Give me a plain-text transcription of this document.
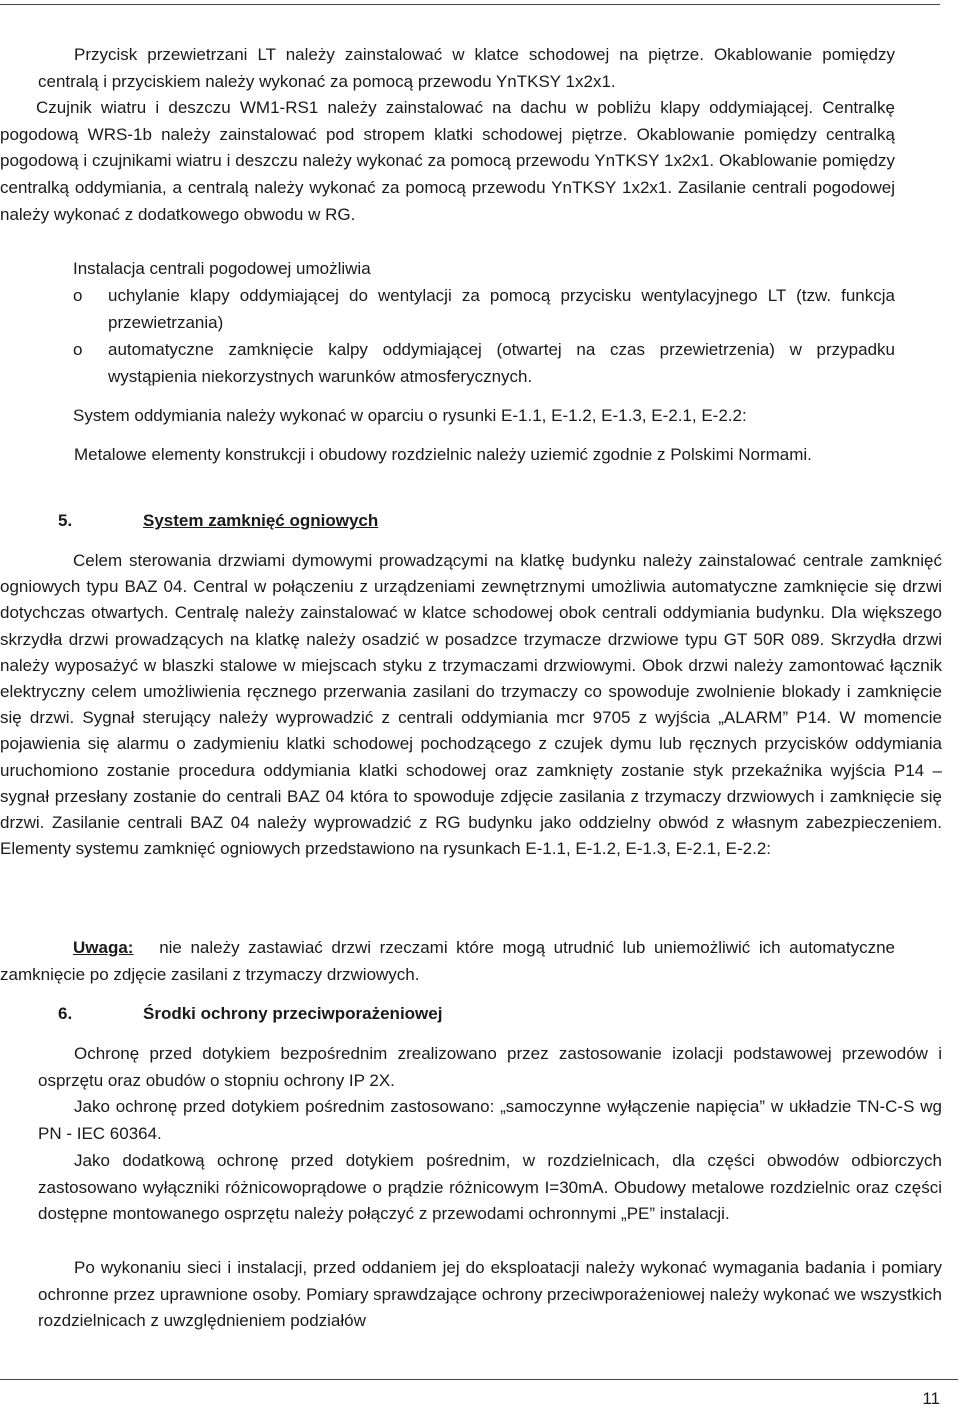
Przycisk przewietrzani LT należy zainstalować w klatce schodowej na piętrze. Okablowanie pomiędzy centralą i przyciskiem należy wykonać za pomocą przewodu YnTKSY 1x2x1.

Czujnik wiatru i deszczu WM1-RS1 należy zainstalować na dachu w pobliżu klapy oddymiającej. Centralkę pogodową WRS-1b należy zainstalować pod stropem klatki schodowej piętrze. Okablowanie pomiędzy centralką pogodową i czujnikami wiatru i deszczu należy wykonać za pomocą przewodu YnTKSY 1x2x1. Okablowanie pomiędzy centralką oddymiania, a centralą należy wykonać za pomocą przewodu YnTKSY 1x2x1. Zasilanie centrali pogodowej należy wykonać z dodatkowego obwodu w RG.

Instalacja centrali pogodowej umożliwia

o uchylanie klapy oddymiającej do wentylacji za pomocą przycisku wentylacyjnego LT (tzw. funkcja przewietrzania)
o automatyczne zamknięcie kalpy oddymiającej (otwartej na czas przewietrzenia) w przypadku wystąpienia niekorzystnych warunków atmosferycznych.

System oddymiania należy wykonać w oparciu o rysunki E-1.1, E-1.2, E-1.3, E-2.1, E-2.2:

Metalowe elementy konstrukcji i obudowy rozdzielnic należy uziemić zgodnie z Polskimi Normami.

5.	System zamknięć ogniowych

Celem sterowania drzwiami dymowymi prowadzącymi na klatkę budynku należy zainstalować centrale zamknięć ogniowych typu BAZ 04. Central w połączeniu z urządzeniami zewnętrznymi umożliwia automatyczne zamknięcie się drzwi dotychczas otwartych. Centralę należy zainstalować w klatce schodowej obok centrali oddymiania budynku. Dla większego skrzydła drzwi prowadzących na klatkę należy osadzić w posadzce trzymacze drzwiowe typu GT 50R 089. Skrzydła drzwi należy wyposażyć w blaszki stalowe w miejscach styku z trzymaczami drzwiowymi. Obok drzwi należy zamontować łącznik elektryczny celem umożliwienia ręcznego przerwania zasilani do trzymaczy co spowoduje zwolnienie blokady i zamknięcie się drzwi. Sygnał sterujący należy wyprowadzić z centrali oddymiania mcr 9705 z wyjścia „ALARM” P14. W momencie pojawienia się alarmu o zadymieniu klatki schodowej pochodzącego z czujek dymu lub ręcznych przycisków oddymiania uruchomiono zostanie procedura oddymiania klatki schodowej oraz zamknięty zostanie styk przekaźnika wyjścia P14 – sygnał przesłany zostanie do centrali BAZ 04 która to spowoduje zdjęcie zasilania z trzymaczy drzwiowych i zamknięcie się drzwi. Zasilanie centrali BAZ 04 należy wyprowadzić z RG budynku jako oddzielny obwód z własnym zabezpieczeniem. Elementy systemu zamknięć ogniowych przedstawiono na rysunkach E-1.1, E-1.2, E-1.3, E-2.1, E-2.2:

Uwaga: nie należy zastawiać drzwi rzeczami które mogą utrudnić lub uniemożliwić ich automatyczne zamknięcie po zdjęcie zasilani z trzymaczy drzwiowych.

6.	Środki ochrony przeciwporażeniowej

Ochronę przed dotykiem bezpośrednim zrealizowano przez zastosowanie izolacji podstawowej przewodów i osprzętu oraz obudów o stopniu ochrony IP 2X.

Jako ochronę przed dotykiem pośrednim zastosowano: „samoczynne wyłączenie napięcia” w układzie TN-C-S wg PN - IEC 60364.

Jako dodatkową ochronę przed dotykiem pośrednim, w rozdzielnicach, dla części obwodów odbiorczych zastosowano wyłączniki różnicowoprądowe o prądzie różnicowym I=30mA. Obudowy metalowe rozdzielnic oraz części dostępne montowanego osprzętu należy połączyć z przewodami ochronnymi „PE” instalacji.

Po wykonaniu sieci i instalacji, przed oddaniem jej do eksploatacji należy wykonać wymagania badania i pomiary ochronne przez uprawnione osoby. Pomiary sprawdzające ochrony przeciwporażeniowej należy wykonać we wszystkich rozdzielnicach z uwzględnieniem podziałów

11
